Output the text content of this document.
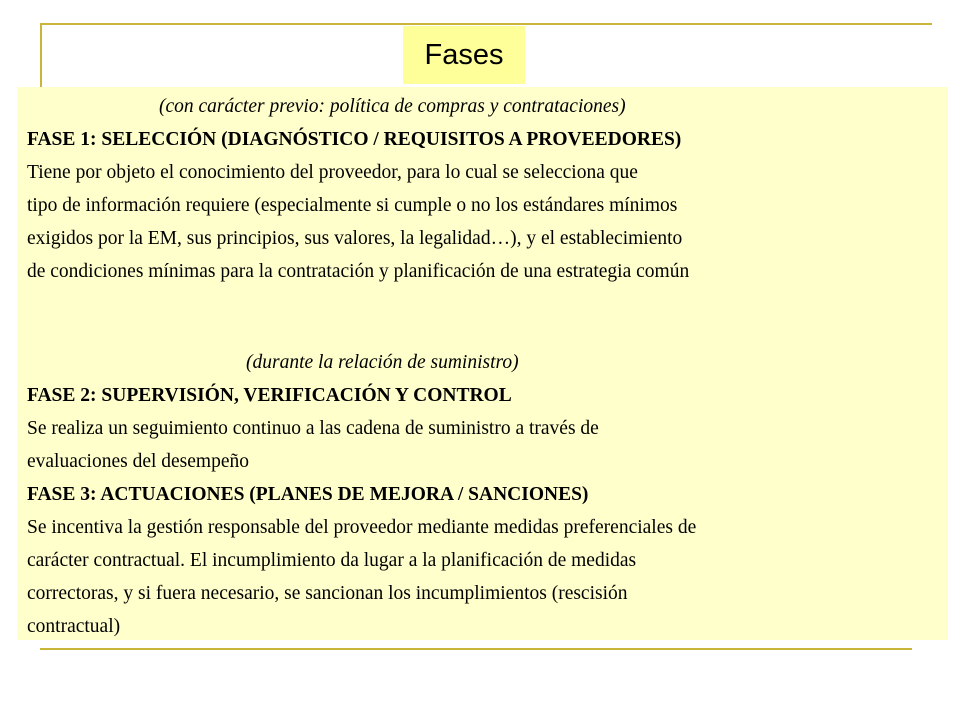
Fases
(con carácter previo: política de compras y contrataciones)
FASE 1: SELECCIÓN (DIAGNÓSTICO / REQUISITOS A PROVEEDORES)
Tiene por objeto el conocimiento del proveedor, para lo cual se selecciona que
tipo de información requiere (especialmente si cumple o no los estándares mínimos
exigidos por la EM, sus principios, sus valores, la legalidad…), y el establecimiento
de condiciones mínimas para la contratación y planificación de una estrategia común
(durante la relación de suministro)
FASE 2: SUPERVISIÓN, VERIFICACIÓN Y CONTROL
Se realiza un seguimiento continuo a las cadena de suministro a través de
evaluaciones del desempeño
FASE 3: ACTUACIONES (PLANES DE MEJORA / SANCIONES)
Se incentiva la gestión responsable del proveedor mediante medidas preferenciales de
carácter contractual. El incumplimiento da lugar a la planificación de medidas
correctoras, y si fuera necesario, se sancionan los incumplimientos (rescisión
contractual)
